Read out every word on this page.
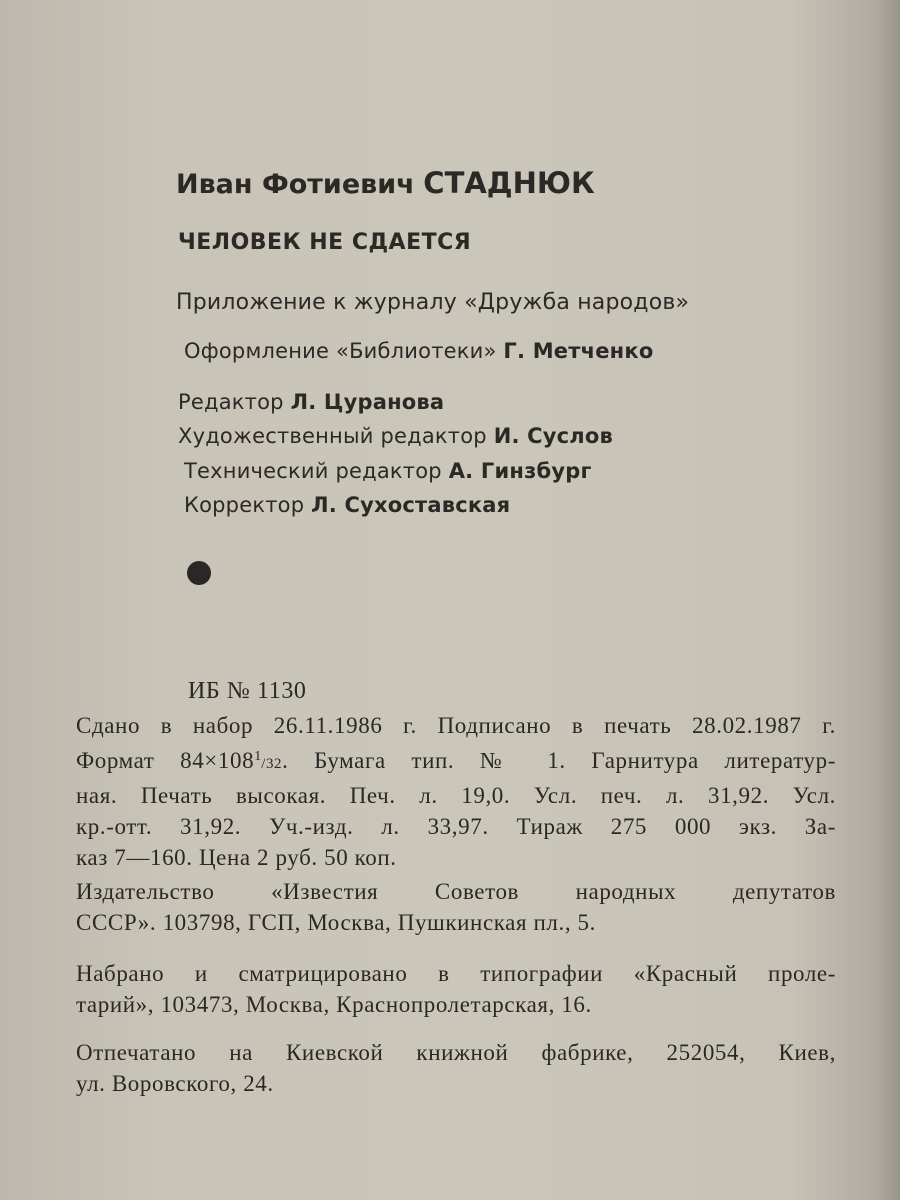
Иван Фотиевич СТАДНЮК
ЧЕЛОВЕК НЕ СДАЕТСЯ
Приложение к журналу «Дружба народов»
Оформление «Библиотеки» Г. Метченко
Редактор Л. Цуранова
Художественный редактор И. Суслов
Технический редактор А. Гинзбург
Корректор Л. Сухоставская
ИБ № 1130
Сдано в набор 26.11.1986 г. Подписано в печать 28.02.1987 г.
Формат $84\times 108^1/32$. Бумага тип. № 1. Гарнитура литератур-
ная. Печать высокая. Печ. л. 19,0. Усл. печ. л. 31,92. Усл.
кр.-отт. 31,92. Уч.-изд. л. 33,97. Тираж 275 000 экз. За-
каз 7—160. Цена 2 руб. 50 коп.
Издательство «Известия Советов народных депутатов
СССР». 103798, ГСП, Москва, Пушкинская пл., 5.
Набрано и сматрицировано в типографии «Красный проле-
тарий», 103473, Москва, Краснопролетарская, 16.
Отпечатано на Киевской книжной фабрике, 252054, Киев,
ул. Воровского, 24.
